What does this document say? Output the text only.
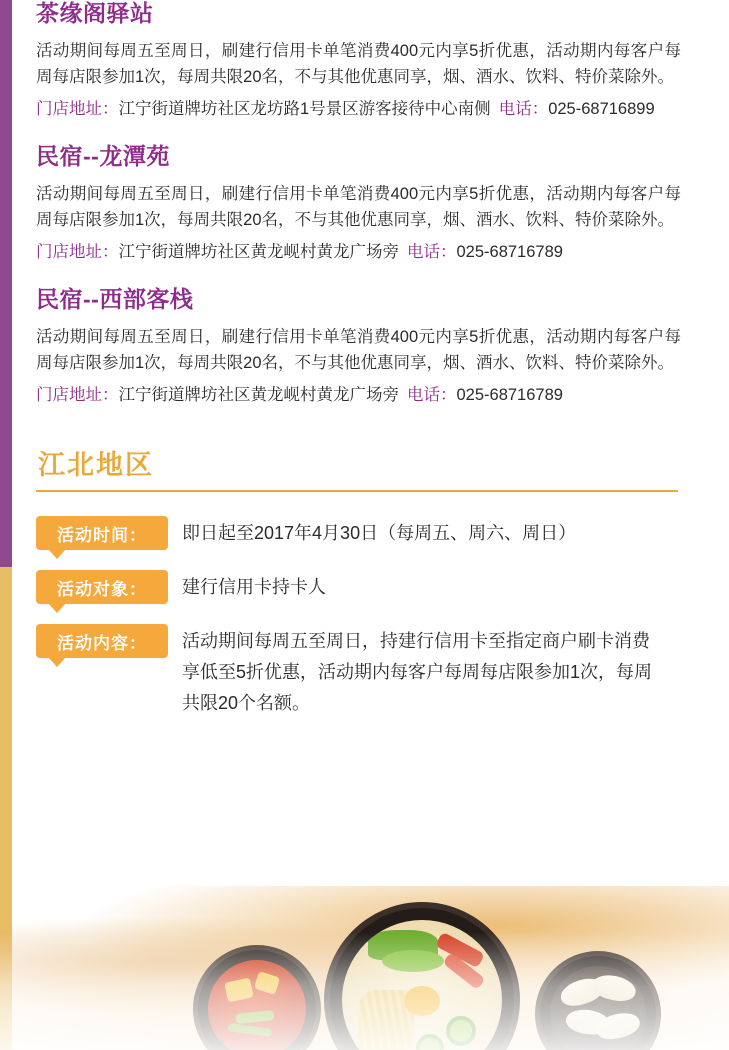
茶缘阁驿站

活动期间每周五至周日，刷建行信用卡单笔消费400元内享5折优惠，活动期内每客户每周每店限参加1次，每周共限20名，不与其他优惠同享，烟、酒水、饮料、特价菜除外。

门店地址：江宁街道牌坊社区龙坊路1号景区游客接待中心南侧 电话：025-68716899
民宿--龙潭苑

活动期间每周五至周日，刷建行信用卡单笔消费400元内享5折优惠，活动期内每客户每周每店限参加1次，每周共限20名，不与其他优惠同享，烟、酒水、饮料、特价菜除外。

门店地址：江宁街道牌坊社区黄龙岘村黄龙广场旁 电话：025-68716789
民宿--西部客栈

活动期间每周五至周日，刷建行信用卡单笔消费400元内享5折优惠，活动期内每客户每周每店限参加1次，每周共限20名，不与其他优惠同享，烟、酒水、饮料、特价菜除外。

门店地址：江宁街道牌坊社区黄龙岘村黄龙广场旁 电话：025-68716789
江北地区
活动时间： 即日起至2017年4月30日（每周五、周六、周日）
活动对象： 建行信用卡持卡人
活动内容： 活动期间每周五至周日，持建行信用卡至指定商户刷卡消费享低至5折优惠，活动期内每客户每周每店限参加1次，每周共限20个名额。
